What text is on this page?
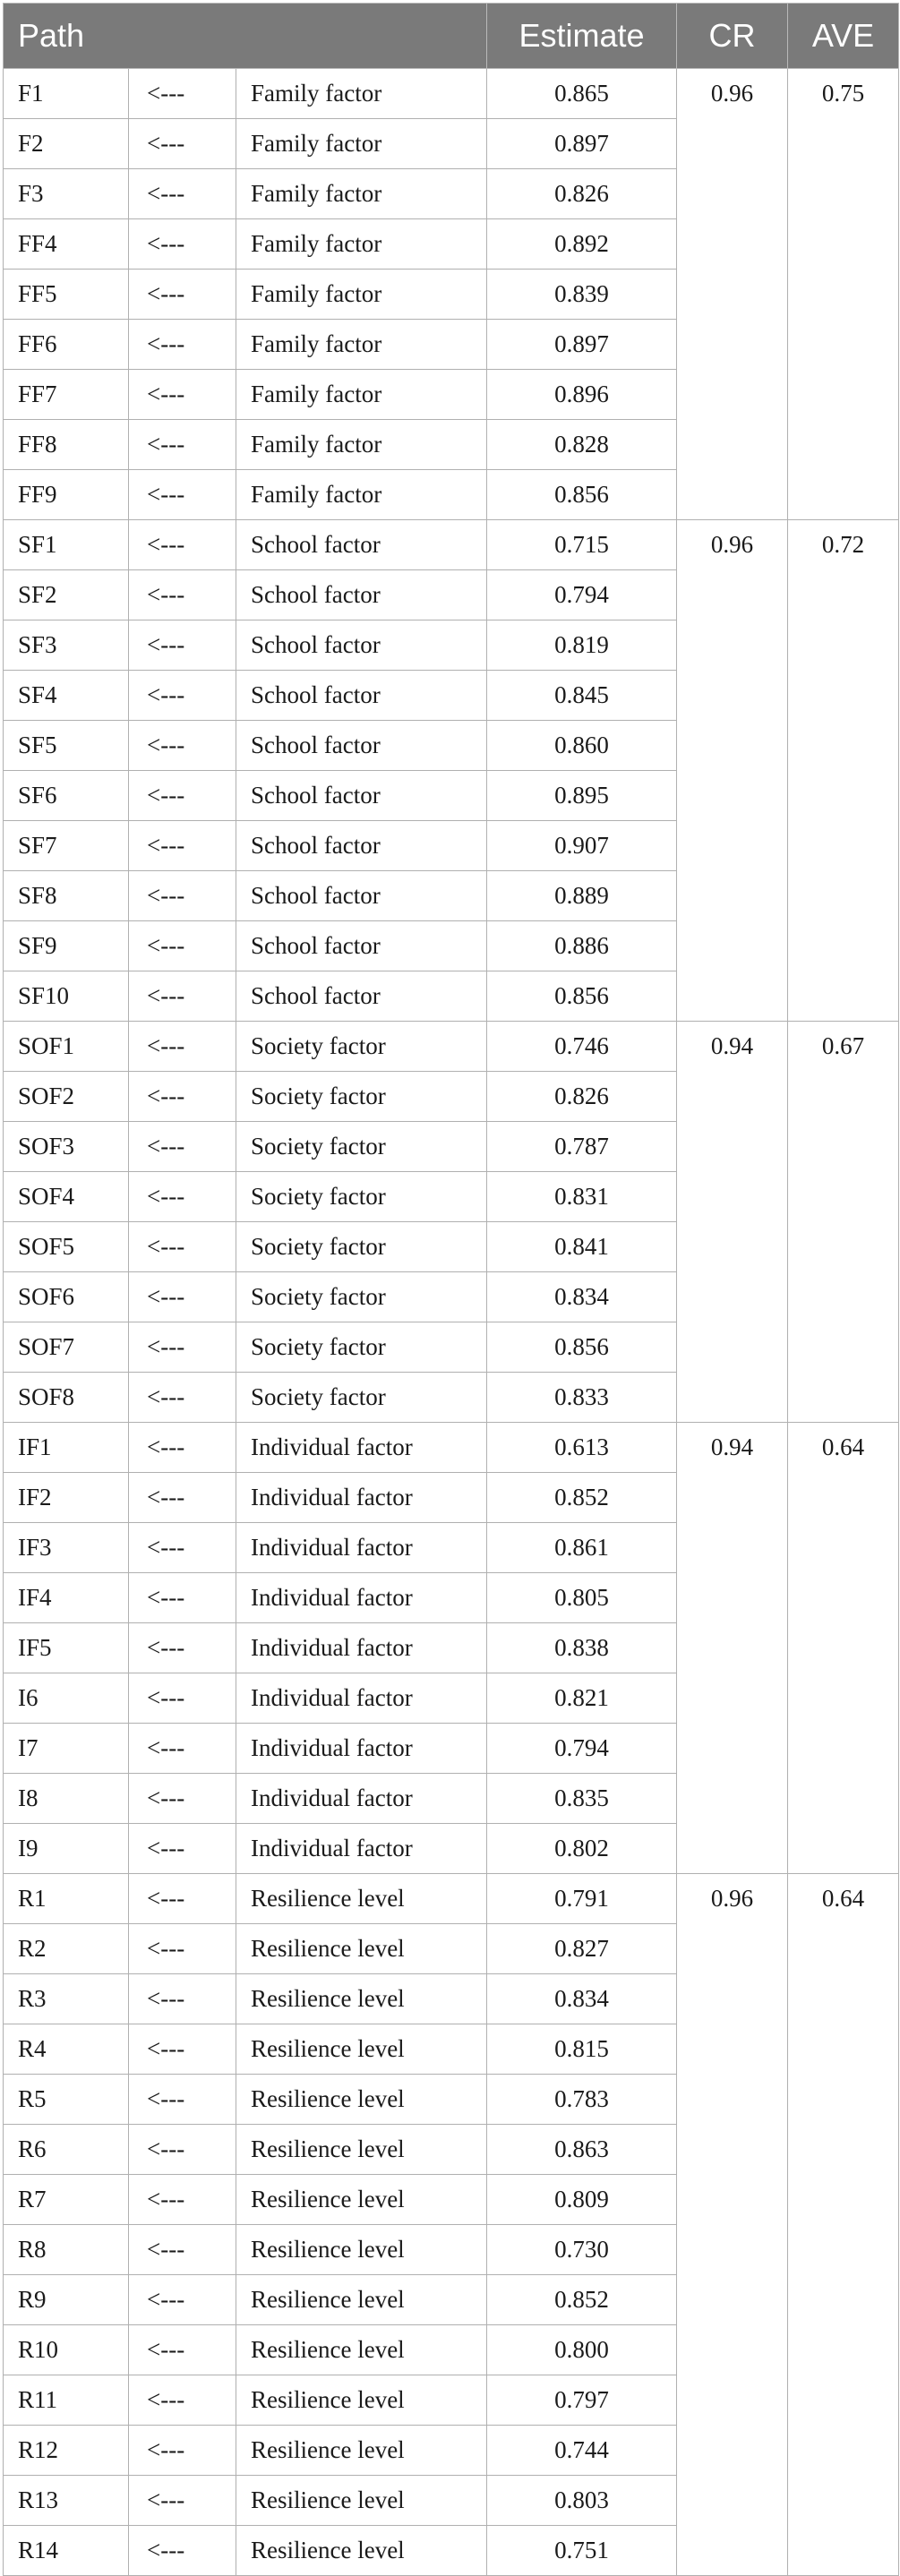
Path			Estimate	CR	AVE
F1	<---	Family factor	0.865	0.96	0.75
F2	<---	Family factor	0.897		
F3	<---	Family factor	0.826		
FF4	<---	Family factor	0.892		
FF5	<---	Family factor	0.839		
FF6	<---	Family factor	0.897		
FF7	<---	Family factor	0.896		
FF8	<---	Family factor	0.828		
FF9	<---	Family factor	0.856		
SF1	<---	School factor	0.715	0.96	0.72
SF2	<---	School factor	0.794		
SF3	<---	School factor	0.819		
SF4	<---	School factor	0.845		
SF5	<---	School factor	0.860		
SF6	<---	School factor	0.895		
SF7	<---	School factor	0.907		
SF8	<---	School factor	0.889		
SF9	<---	School factor	0.886		
SF10	<---	School factor	0.856		
SOF1	<---	Society factor	0.746	0.94	0.67
SOF2	<---	Society factor	0.826		
SOF3	<---	Society factor	0.787		
SOF4	<---	Society factor	0.831		
SOF5	<---	Society factor	0.841		
SOF6	<---	Society factor	0.834		
SOF7	<---	Society factor	0.856		
SOF8	<---	Society factor	0.833		
IF1	<---	Individual factor	0.613	0.94	0.64
IF2	<---	Individual factor	0.852		
IF3	<---	Individual factor	0.861		
IF4	<---	Individual factor	0.805		
IF5	<---	Individual factor	0.838		
I6	<---	Individual factor	0.821		
I7	<---	Individual factor	0.794		
I8	<---	Individual factor	0.835		
I9	<---	Individual factor	0.802		
R1	<---	Resilience level	0.791	0.96	0.64
R2	<---	Resilience level	0.827		
R3	<---	Resilience level	0.834		
R4	<---	Resilience level	0.815		
R5	<---	Resilience level	0.783		
R6	<---	Resilience level	0.863		
R7	<---	Resilience level	0.809		
R8	<---	Resilience level	0.730		
R9	<---	Resilience level	0.852		
R10	<---	Resilience level	0.800		
R11	<---	Resilience level	0.797		
R12	<---	Resilience level	0.744		
R13	<---	Resilience level	0.803		
R14	<---	Resilience level	0.751		
